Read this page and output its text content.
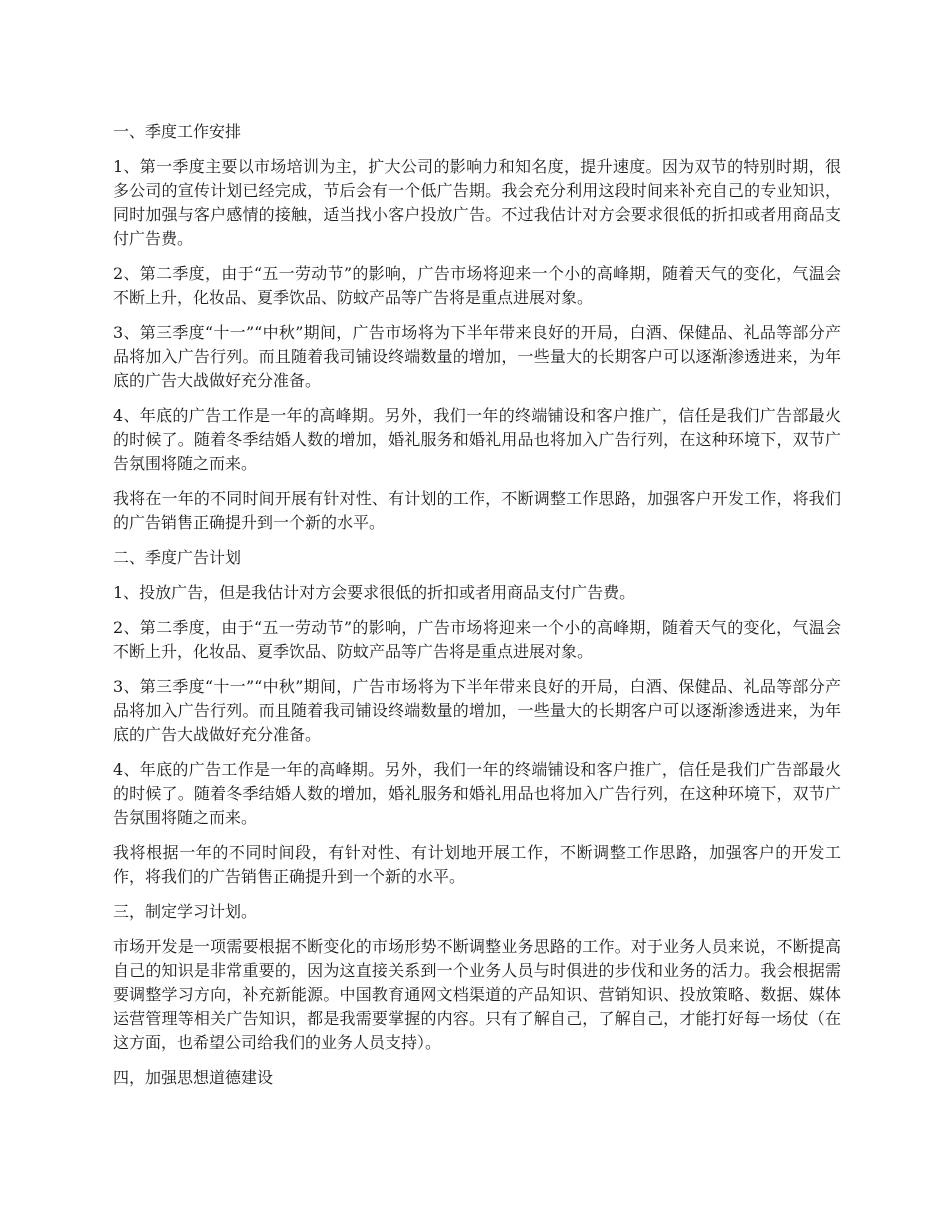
一、季度工作安排

1、第一季度主要以市场培训为主，扩大公司的影响力和知名度，提升速度。因为双节的特别时期，很多公司的宣传计划已经完成，节后会有一个低广告期。我会充分利用这段时间来补充自己的专业知识，同时加强与客户感情的接触，适当找小客户投放广告。不过我估计对方会要求很低的折扣或者用商品支付广告费。

2、第二季度，由于“五一劳动节”的影响，广告市场将迎来一个小的高峰期，随着天气的变化，气温会不断上升，化妆品、夏季饮品、防蚊产品等广告将是重点进展对象。

3、第三季度“十一”“中秋”期间，广告市场将为下半年带来良好的开局，白酒、保健品、礼品等部分产品将加入广告行列。而且随着我司铺设终端数量的增加，一些量大的长期客户可以逐渐渗透进来，为年底的广告大战做好充分准备。

4、年底的广告工作是一年的高峰期。另外，我们一年的终端铺设和客户推广，信任是我们广告部最火的时候了。随着冬季结婚人数的增加，婚礼服务和婚礼用品也将加入广告行列，在这种环境下，双节广告氛围将随之而来。

我将在一年的不同时间开展有针对性、有计划的工作，不断调整工作思路，加强客户开发工作，将我们的广告销售正确提升到一个新的水平。

二、季度广告计划

1、投放广告，但是我估计对方会要求很低的折扣或者用商品支付广告费。

2、第二季度，由于“五一劳动节”的影响，广告市场将迎来一个小的高峰期，随着天气的变化，气温会不断上升，化妆品、夏季饮品、防蚊产品等广告将是重点进展对象。

3、第三季度“十一”“中秋”期间，广告市场将为下半年带来良好的开局，白酒、保健品、礼品等部分产品将加入广告行列。而且随着我司铺设终端数量的增加，一些量大的长期客户可以逐渐渗透进来，为年底的广告大战做好充分准备。

4、年底的广告工作是一年的高峰期。另外，我们一年的终端铺设和客户推广，信任是我们广告部最火的时候了。随着冬季结婚人数的增加，婚礼服务和婚礼用品也将加入广告行列，在这种环境下，双节广告氛围将随之而来。

我将根据一年的不同时间段，有针对性、有计划地开展工作，不断调整工作思路，加强客户的开发工作，将我们的广告销售正确提升到一个新的水平。

三，制定学习计划。

市场开发是一项需要根据不断变化的市场形势不断调整业务思路的工作。对于业务人员来说，不断提高自己的知识是非常重要的，因为这直接关系到一个业务人员与时俱进的步伐和业务的活力。我会根据需要调整学习方向，补充新能源。中国教育通网文档渠道的产品知识、营销知识、投放策略、数据、媒体运营管理等相关广告知识，都是我需要掌握的内容。只有了解自己，了解自己，才能打好每一场仗（在这方面，也希望公司给我们的业务人员支持）。

四，加强思想道德建设
